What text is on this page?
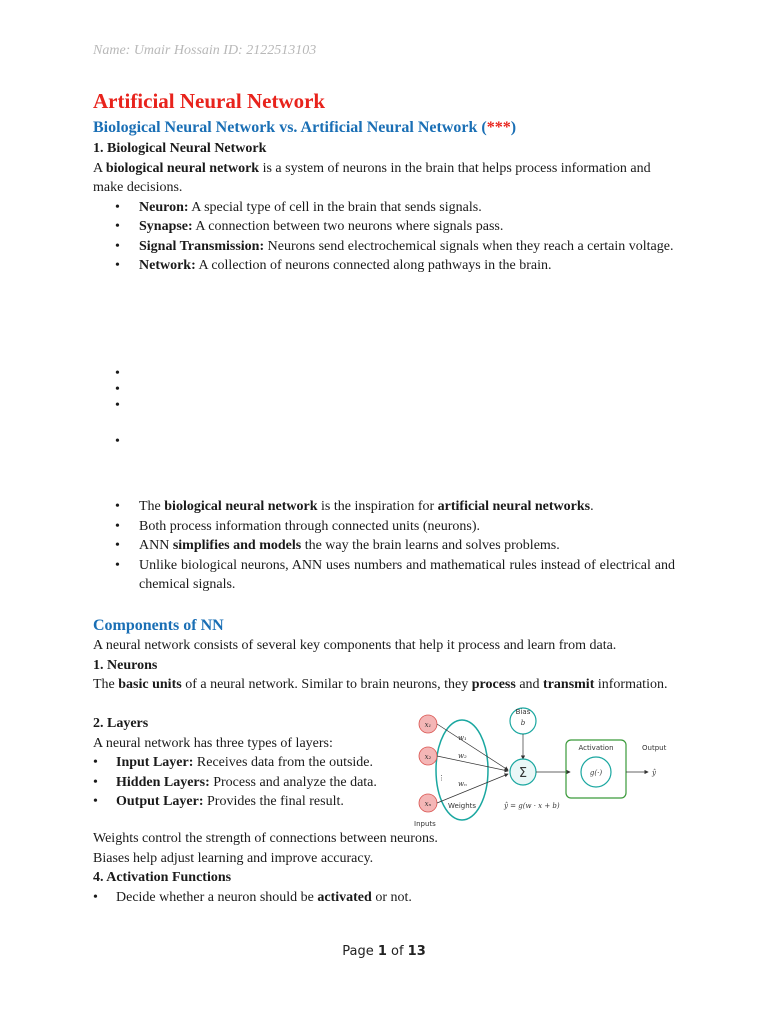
Name: Umair Hossain ID: 2122513103
Artificial Neural Network
Biological Neural Network vs. Artificial Neural Network (***)
1. Biological Neural Network
A biological neural network is a system of neurons in the brain that helps process information and make decisions.
• Neuron: A special type of cell in the brain that sends signals.
• Synapse: A connection between two neurons where signals pass.
• Signal Transmission: Neurons send electrochemical signals when they reach a certain voltage.
• Network: A collection of neurons connected along pathways in the brain.
•
•
•
•
• The biological neural network is the inspiration for artificial neural networks.
• Both process information through connected units (neurons).
• ANN simplifies and models the way the brain learns and solves problems.
• Unlike biological neurons, ANN uses numbers and mathematical rules instead of electrical and chemical signals.
Components of NN
A neural network consists of several key components that help it process and learn from data.
1. Neurons
The basic units of a neural network. Similar to brain neurons, they process and transmit information.
2. Layers
A neural network has three types of layers:
• Input Layer: Receives data from the outside.
• Hidden Layers: Process and analyze the data.
• Output Layer: Provides the final result.
Weights control the strength of connections between neurons.
Biases help adjust learning and improve accuracy.
4. Activation Functions
• Decide whether a neuron should be activated or not.
x₁
x₂
xₙ
⋮
w₁
w₂
wₙ
Weights
Inputs
Bias
b
Σ
Activation
g(·)
Output
ŷ
ŷ = g(w · x + b)
Page 1 of 13
